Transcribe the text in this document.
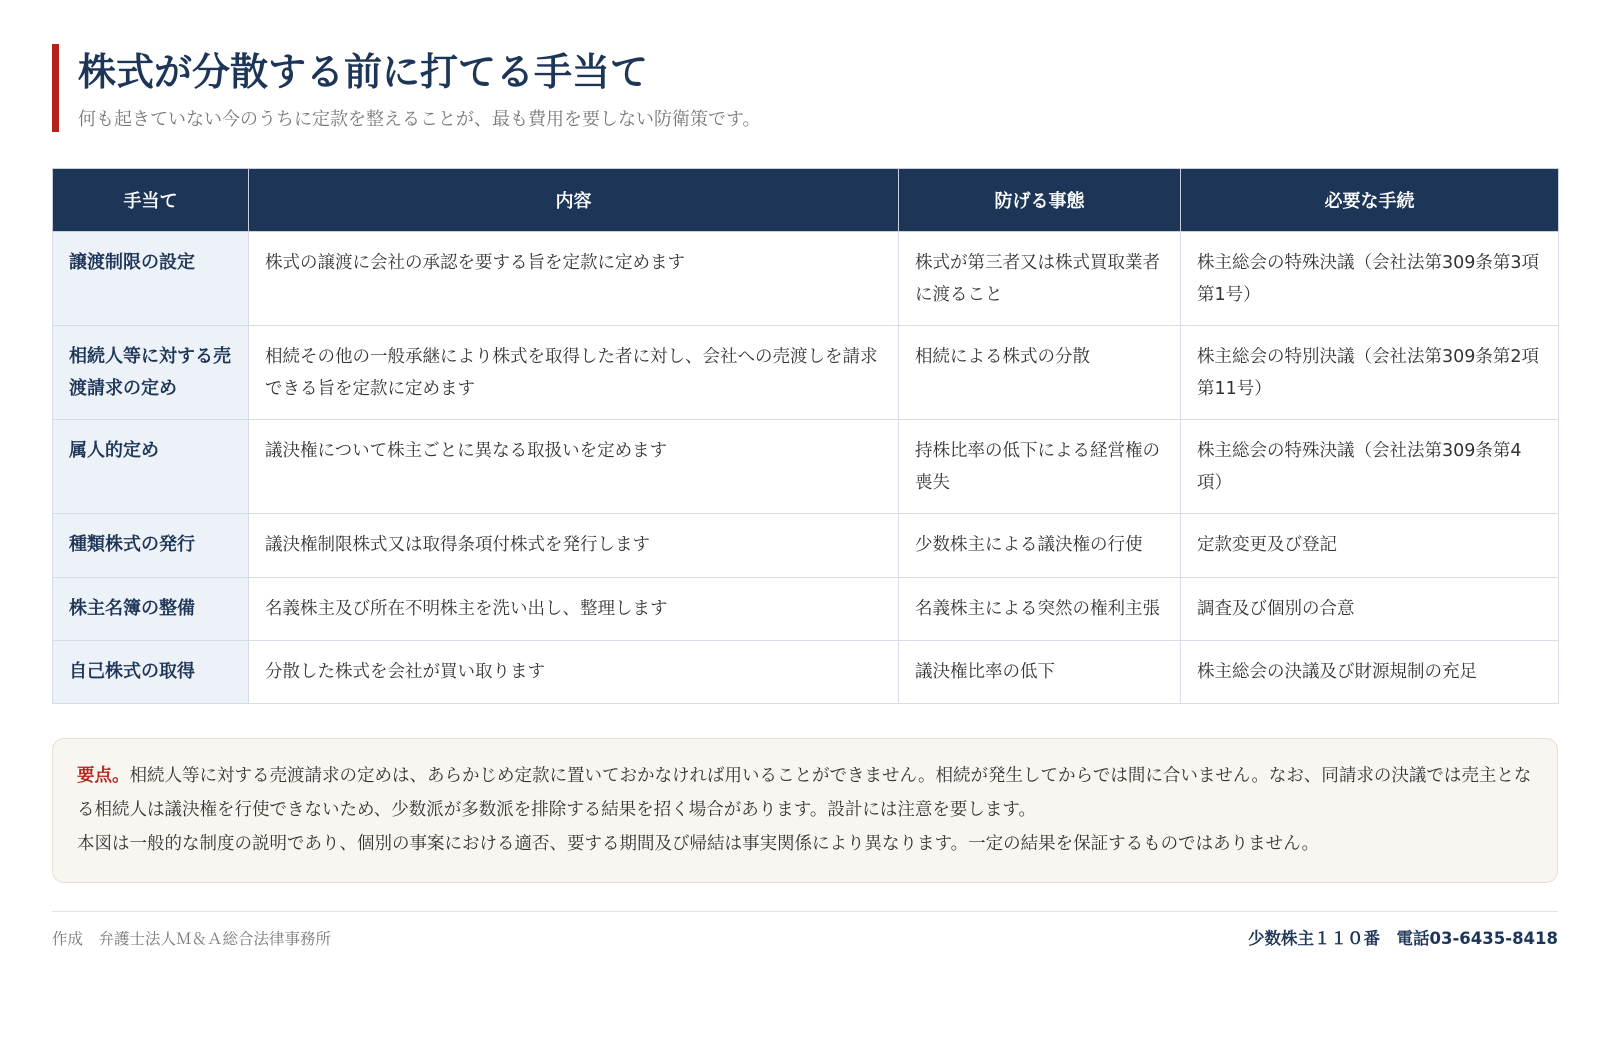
株式が分散する前に打てる手当て
何も起きていない今のうちに定款を整えることが、最も費用を要しない防衛策です。
手当て	内容	防げる事態	必要な手続
譲渡制限の設定	株式の譲渡に会社の承認を要する旨を定款に定めます	株式が第三者又は株式買取業者に渡ること	株主総会の特殊決議（会社法第309条第3項第1号）
相続人等に対する売渡請求の定め	相続その他の一般承継により株式を取得した者に対し、会社への売渡しを請求できる旨を定款に定めます	相続による株式の分散	株主総会の特別決議（会社法第309条第2項第11号）
属人的定め	議決権について株主ごとに異なる取扱いを定めます	持株比率の低下による経営権の喪失	株主総会の特殊決議（会社法第309条第4項）
種類株式の発行	議決権制限株式又は取得条項付株式を発行します	少数株主による議決権の行使	定款変更及び登記
株主名簿の整備	名義株主及び所在不明株主を洗い出し、整理します	名義株主による突然の権利主張	調査及び個別の合意
自己株式の取得	分散した株式を会社が買い取ります	議決権比率の低下	株主総会の決議及び財源規制の充足
要点。相続人等に対する売渡請求の定めは、あらかじめ定款に置いておかなければ用いることができません。相続が発生してからでは間に合いません。なお、同請求の決議では売主となる相続人は議決権を行使できないため、少数派が多数派を排除する結果を招く場合があります。設計には注意を要します。
本図は一般的な制度の説明であり、個別の事案における適否、要する期間及び帰結は事実関係により異なります。一定の結果を保証するものではありません。
作成　弁護士法人Ｍ＆Ａ総合法律事務所	少数株主１１０番　電話03-6435-8418
